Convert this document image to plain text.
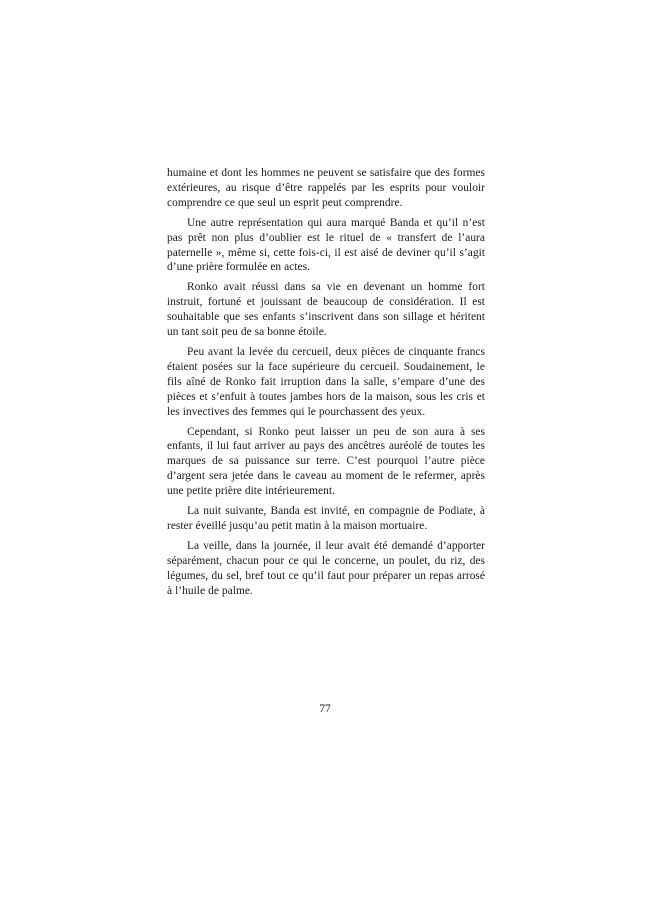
humaine et dont les hommes ne peuvent se satisfaire que des formes extérieures, au risque d’être rappelés par les esprits pour vouloir comprendre ce que seul un esprit peut comprendre.

Une autre représentation qui aura marqué Banda et qu’il n’est pas prêt non plus d’oublier est le rituel de « transfert de l’aura paternelle », même si, cette fois-ci, il est aisé de deviner qu’il s’agit d’une prière formulée en actes.

Ronko avait réussi dans sa vie en devenant un homme fort instruit, fortuné et jouissant de beaucoup de considération. Il est souhaitable que ses enfants s’inscrivent dans son sillage et héritent un tant soit peu de sa bonne étoile.

Peu avant la levée du cercueil, deux pièces de cinquante francs étaient posées sur la face supérieure du cercueil. Soudainement, le fils aîné de Ronko fait irruption dans la salle, s’empare d’une des pièces et s’enfuit à toutes jambes hors de la maison, sous les cris et les invectives des femmes qui le pourchassent des yeux.

Cependant, si Ronko peut laisser un peu de son aura à ses enfants, il lui faut arriver au pays des ancêtres auréolé de toutes les marques de sa puissance sur terre. C’est pourquoi l’autre pièce d’argent sera jetée dans le caveau au moment de le refermer, après une petite prière dite intérieurement.

La nuit suivante, Banda est invité, en compagnie de Podiate, à rester éveillé jusqu’au petit matin à la maison mortuaire.

La veille, dans la journée, il leur avait été demandé d’apporter séparément, chacun pour ce qui le concerne, un poulet, du riz, des légumes, du sel, bref tout ce qu’il faut pour préparer un repas arrosé à l’huile de palme.

77
